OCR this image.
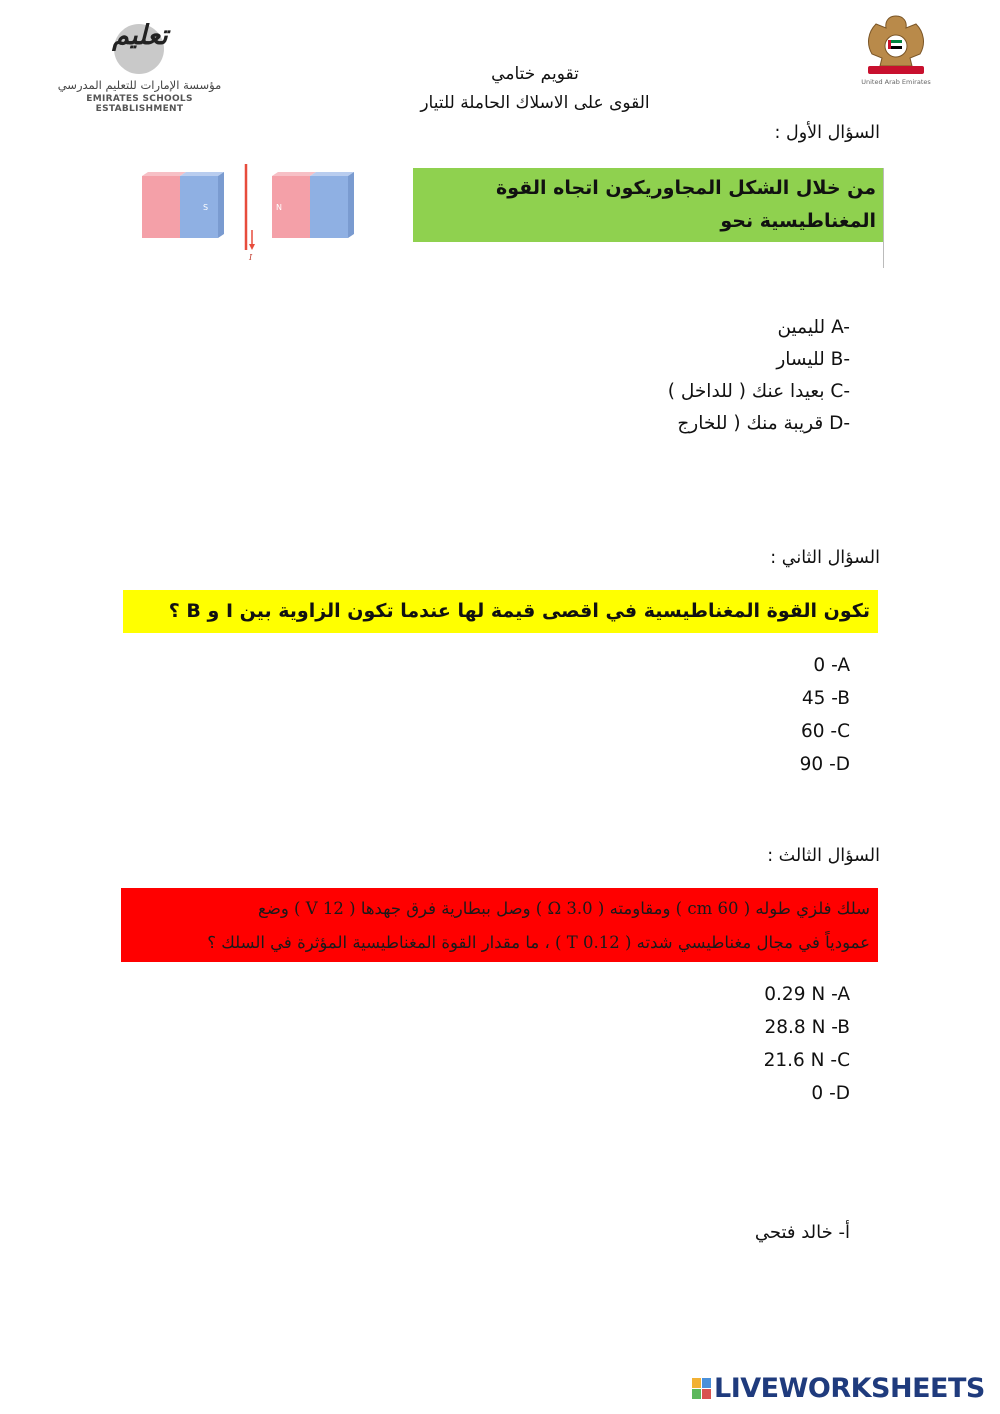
تعليم
مؤسسة الإمارات للتعليم المدرسي
EMIRATES SCHOOLS ESTABLISHMENT
United Arab Emirates
تقويم ختامي
القوى على الاسلاك الحاملة للتيار
السؤال الأول :
S
I
N
من خلال الشكل المجاوريكون اتجاه القوة المغناطيسية نحو
A- لليمين
B- لليسار
C- بعيدا عنك ( للداخل )
D- قريبة منك ( للخارج
السؤال الثاني :
تكون القوة المغناطيسية في اقصى قيمة لها عندما تكون الزاوية بين I و B ؟
0 -A
45 -B
60 -C
90 -D
السؤال الثالث :
سلك فلزي طوله ( 60 cm ) ومقاومته ( 3.0 Ω ) وصل ببطارية فرق جهدها ( 12 V ) وضع
عمودياً في مجال مغناطيسي شدته ( 0.12 T ) ، ما مقدار القوة المغناطيسية المؤثرة في السلك ؟
0.29 N -A
28.8 N -B
21.6 N -C
0 -D
أ- خالد فتحي
LIVEWORKSHEETS
